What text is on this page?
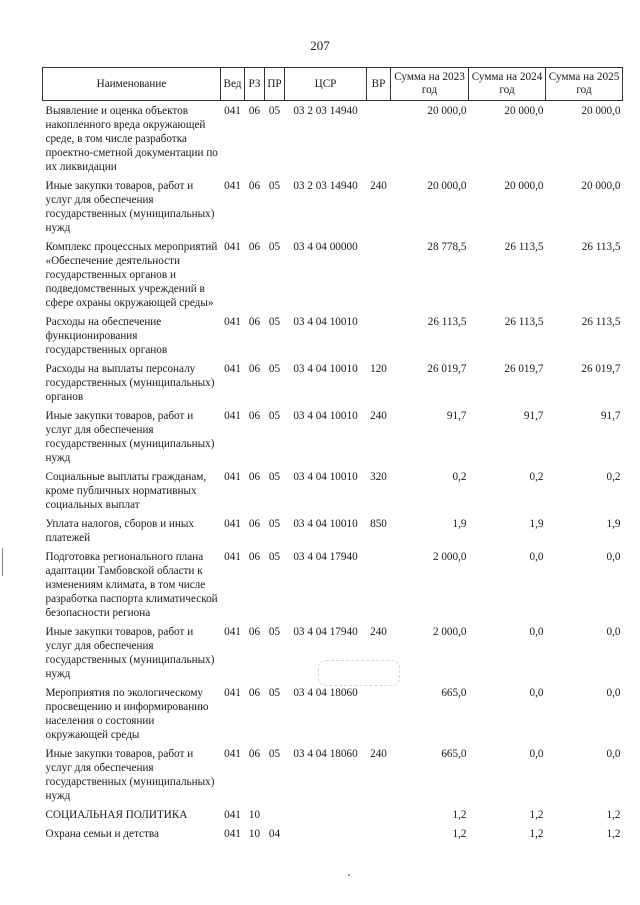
207
Наименование	Вед	РЗ	ПР	ЦСР	ВР	Сумма на 2023 год	Сумма на 2024 год	Сумма на 2025 год
Выявление и оценка объектов накопленного вреда окружающей среде, в том числе разработка проектно-сметной документации по их ликвидации	041	06	05	03 2 03 14940		20 000,0	20 000,0	20 000,0
Иные закупки товаров, работ и услуг для обеспечения государственных (муниципальных) нужд	041	06	05	03 2 03 14940	240	20 000,0	20 000,0	20 000,0
Комплекс процессных мероприятий «Обеспечение деятельности государственных органов и подведомственных учреждений в сфере охраны окружающей среды»	041	06	05	03 4 04 00000		28 778,5	26 113,5	26 113,5
Расходы на обеспечение функционирования государственных органов	041	06	05	03 4 04 10010		26 113,5	26 113,5	26 113,5
Расходы на выплаты персоналу государственных (муниципальных) органов	041	06	05	03 4 04 10010	120	26 019,7	26 019,7	26 019,7
Иные закупки товаров, работ и услуг для обеспечения государственных (муниципальных) нужд	041	06	05	03 4 04 10010	240	91,7	91,7	91,7
Социальные выплаты гражданам, кроме публичных нормативных социальных выплат	041	06	05	03 4 04 10010	320	0,2	0,2	0,2
Уплата налогов, сборов и иных платежей	041	06	05	03 4 04 10010	850	1,9	1,9	1,9
Подготовка регионального плана адаптации Тамбовской области к изменениям климата, в том числе разработка паспорта климатической безопасности региона	041	06	05	03 4 04 17940		2 000,0	0,0	0,0
Иные закупки товаров, работ и услуг для обеспечения государственных (муниципальных) нужд	041	06	05	03 4 04 17940	240	2 000,0	0,0	0,0
Мероприятия по экологическому просвещению и информированию населения о состоянии окружающей среды	041	06	05	03 4 04 18060		665,0	0,0	0,0
Иные закупки товаров, работ и услуг для обеспечения государственных (муниципальных) нужд	041	06	05	03 4 04 18060	240	665,0	0,0	0,0
СОЦИАЛЬНАЯ ПОЛИТИКА	041	10				1,2	1,2	1,2
Охрана семьи и детства	041	10	04			1,2	1,2	1,2
